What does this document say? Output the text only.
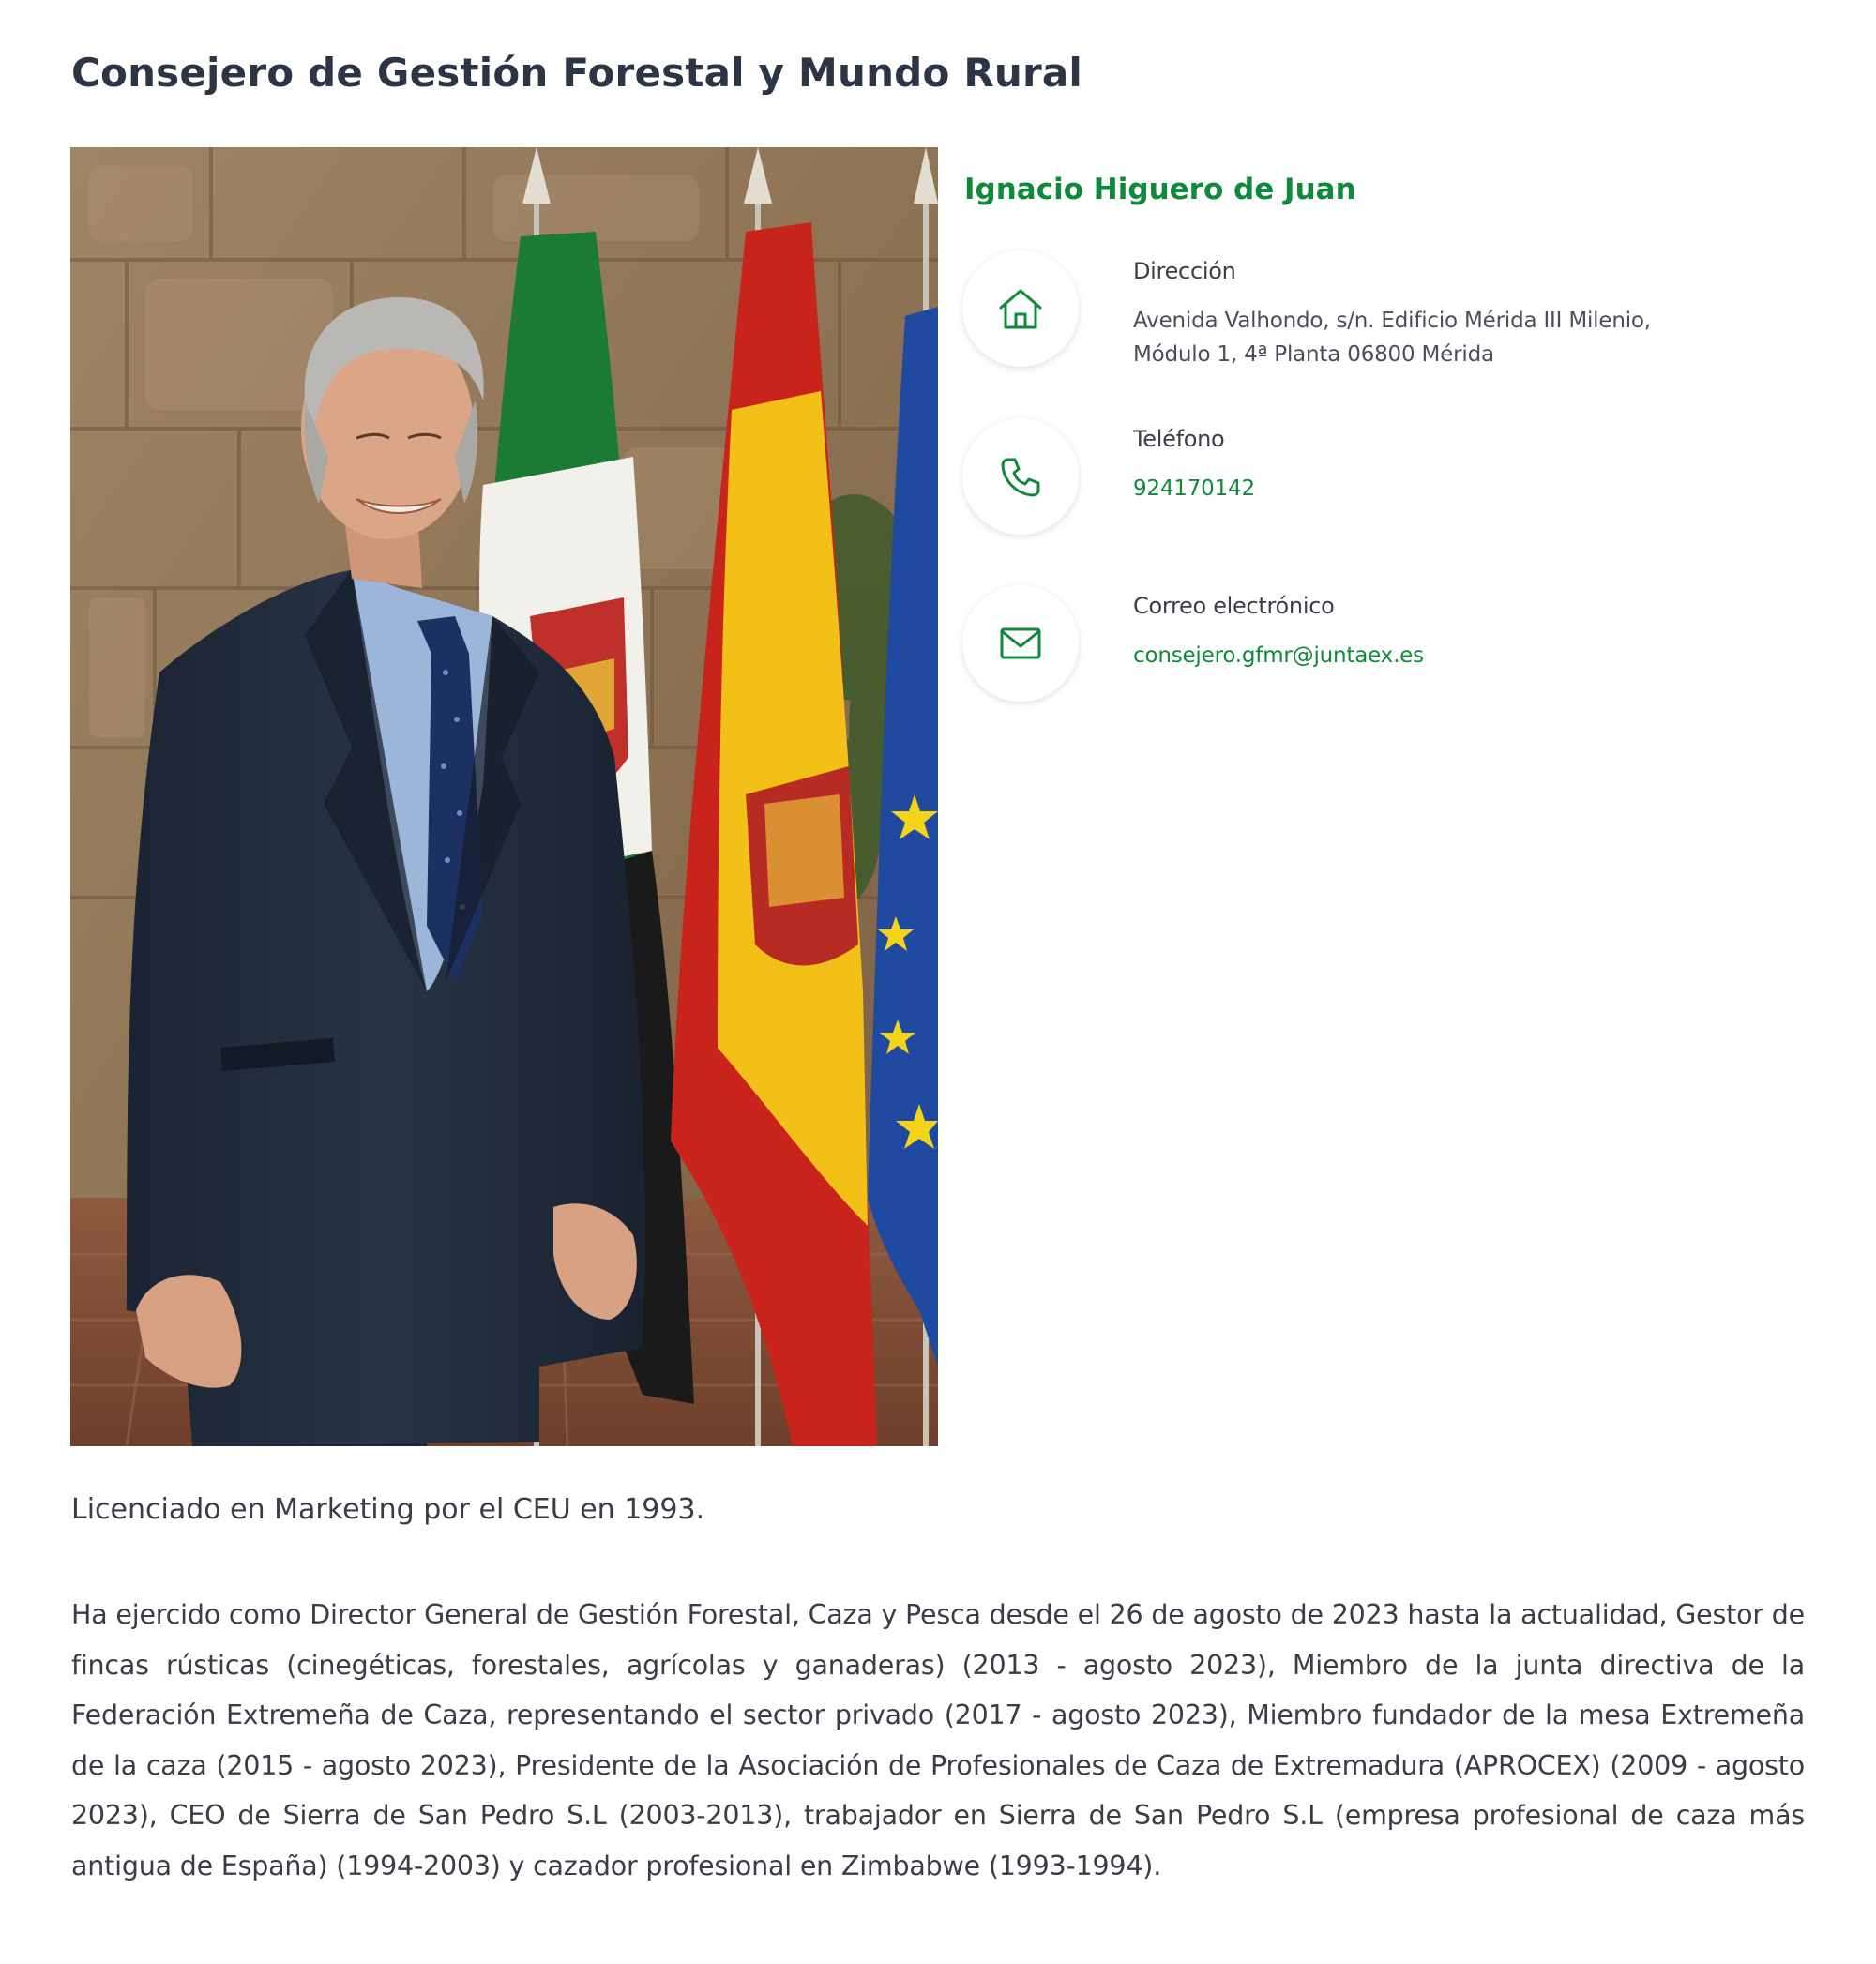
Consejero de Gestión Forestal y Mundo Rural
Ignacio Higuero de Juan
Dirección
Avenida Valhondo, s/n. Edificio Mérida III Milenio,
Módulo 1, 4ª Planta 06800 Mérida
Teléfono
924170142
Correo electrónico
consejero.gfmr@juntaex.es

Licenciado en Marketing por el CEU en 1993.

Ha ejercido como Director General de Gestión Forestal, Caza y Pesca desde el 26 de agosto de 2023 hasta la actualidad, Gestor de fincas rústicas (cinegéticas, forestales, agrícolas y ganaderas) (2013 - agosto 2023), Miembro de la junta directiva de la Federación Extremeña de Caza, representando el sector privado (2017 - agosto 2023), Miembro fundador de la mesa Extremeña de la caza (2015 - agosto 2023), Presidente de la Asociación de Profesionales de Caza de Extremadura (APROCEX) (2009 - agosto 2023), CEO de Sierra de San Pedro S.L (2003-2013), trabajador en Sierra de San Pedro S.L (empresa profesional de caza más antigua de España) (1994-2003) y cazador profesional en Zimbabwe (1993-1994).
